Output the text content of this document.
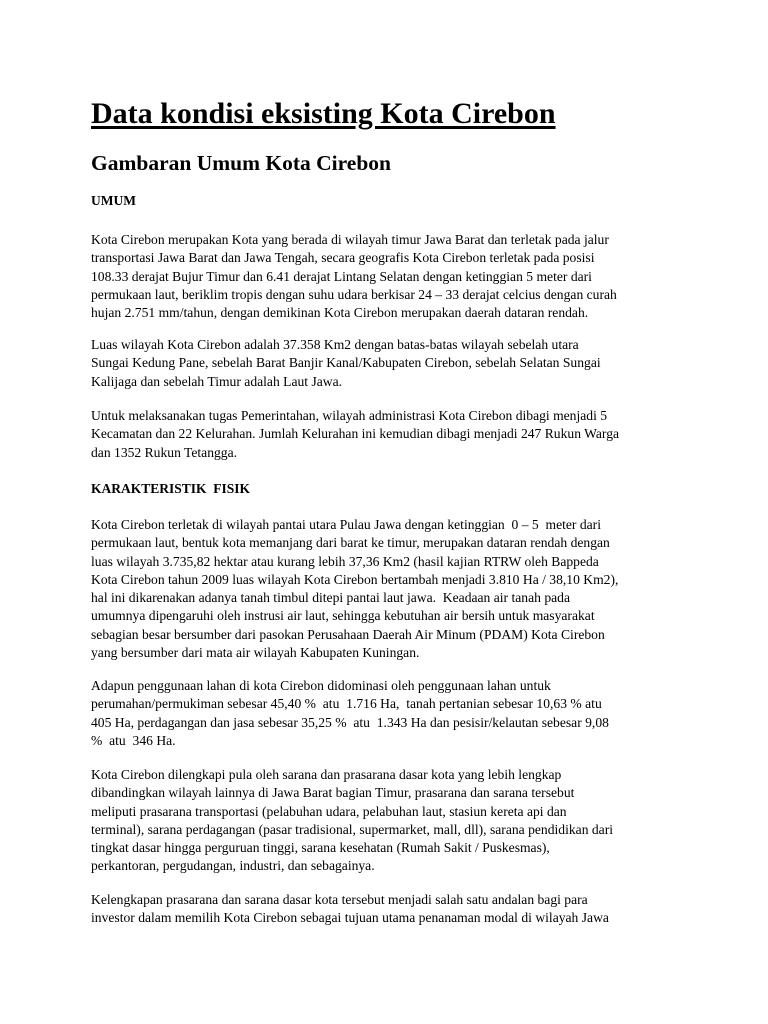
Data kondisi eksisting Kota Cirebon
Gambaran Umum Kota Cirebon
UMUM
Kota Cirebon merupakan Kota yang berada di wilayah timur Jawa Barat dan terletak pada jalur
transportasi Jawa Barat dan Jawa Tengah, secara geografis Kota Cirebon terletak pada posisi
108.33 derajat Bujur Timur dan 6.41 derajat Lintang Selatan dengan ketinggian 5 meter dari
permukaan laut, beriklim tropis dengan suhu udara berkisar 24 – 33 derajat celcius dengan curah
hujan 2.751 mm/tahun, dengan demikinan Kota Cirebon merupakan daerah dataran rendah.
Luas wilayah Kota Cirebon adalah 37.358 Km2 dengan batas-batas wilayah sebelah utara
Sungai Kedung Pane, sebelah Barat Banjir Kanal/Kabupaten Cirebon, sebelah Selatan Sungai
Kalijaga dan sebelah Timur adalah Laut Jawa.
Untuk melaksanakan tugas Pemerintahan, wilayah administrasi Kota Cirebon dibagi menjadi 5
Kecamatan dan 22 Kelurahan. Jumlah Kelurahan ini kemudian dibagi menjadi 247 Rukun Warga
dan 1352 Rukun Tetangga.
KARAKTERISTIK  FISIK
Kota Cirebon terletak di wilayah pantai utara Pulau Jawa dengan ketinggian  0 – 5  meter dari
permukaan laut, bentuk kota memanjang dari barat ke timur, merupakan dataran rendah dengan
luas wilayah 3.735,82 hektar atau kurang lebih 37,36 Km2 (hasil kajian RTRW oleh Bappeda
Kota Cirebon tahun 2009 luas wilayah Kota Cirebon bertambah menjadi 3.810 Ha / 38,10 Km2),
hal ini dikarenakan adanya tanah timbul ditepi pantai laut jawa.  Keadaan air tanah pada
umumnya dipengaruhi oleh instrusi air laut, sehingga kebutuhan air bersih untuk masyarakat
sebagian besar bersumber dari pasokan Perusahaan Daerah Air Minum (PDAM) Kota Cirebon
yang bersumber dari mata air wilayah Kabupaten Kuningan.
Adapun penggunaan lahan di kota Cirebon didominasi oleh penggunaan lahan untuk
perumahan/permukiman sebesar 45,40 %  atu  1.716 Ha,  tanah pertanian sebesar 10,63 % atu
405 Ha, perdagangan dan jasa sebesar 35,25 %  atu  1.343 Ha dan pesisir/kelautan sebesar 9,08
%  atu  346 Ha.
Kota Cirebon dilengkapi pula oleh sarana dan prasarana dasar kota yang lebih lengkap
dibandingkan wilayah lainnya di Jawa Barat bagian Timur, prasarana dan sarana tersebut
meliputi prasarana transportasi (pelabuhan udara, pelabuhan laut, stasiun kereta api dan
terminal), sarana perdagangan (pasar tradisional, supermarket, mall, dll), sarana pendidikan dari
tingkat dasar hingga perguruan tinggi, sarana kesehatan (Rumah Sakit / Puskesmas),
perkantoran, pergudangan, industri, dan sebagainya.
Kelengkapan prasarana dan sarana dasar kota tersebut menjadi salah satu andalan bagi para
investor dalam memilih Kota Cirebon sebagai tujuan utama penanaman modal di wilayah Jawa
